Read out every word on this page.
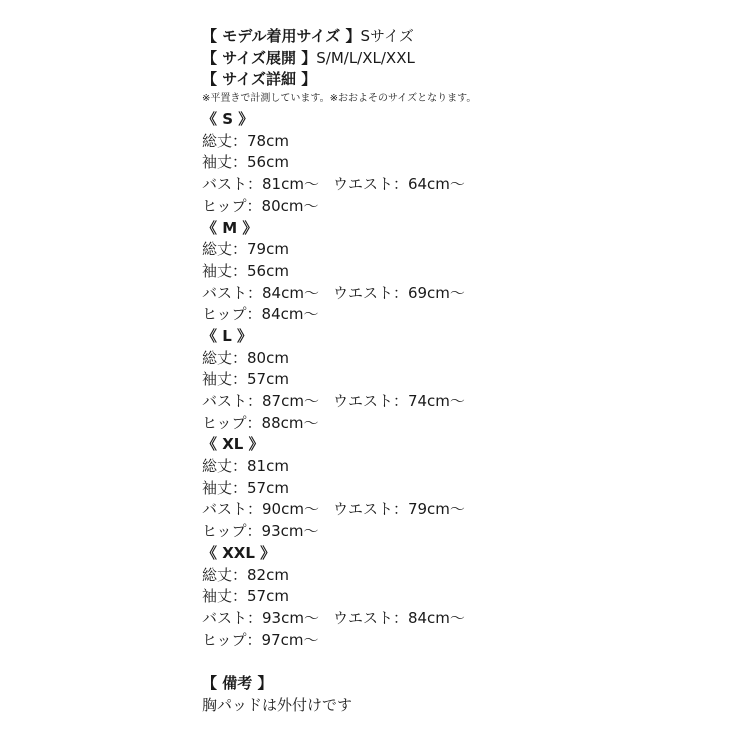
【 モデル着用サイズ 】Sサイズ
【 サイズ展開 】S/M/L/XL/XXL
【 サイズ詳細 】
※平置きで計測しています。※おおよそのサイズとなります。
《 S 》
総丈：78cm
袖丈：56cm
バスト：81cm～ ウエスト：64cm～
ヒップ：80cm～
《 M 》
総丈：79cm
袖丈：56cm
バスト：84cm～ ウエスト：69cm～
ヒップ：84cm～
《 L 》
総丈：80cm
袖丈：57cm
バスト：87cm～ ウエスト：74cm～
ヒップ：88cm～
《 XL 》
総丈：81cm
袖丈：57cm
バスト：90cm～ ウエスト：79cm～
ヒップ：93cm～
《 XXL 》
総丈：82cm
袖丈：57cm
バスト：93cm～ ウエスト：84cm～
ヒップ：97cm～
【 備考 】
胸パッドは外付けです
